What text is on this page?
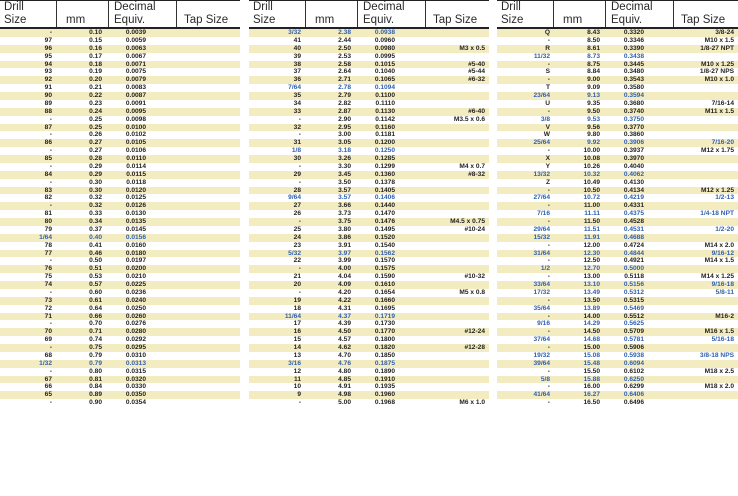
Drill
Size	mm
Decimal
Equiv.	Tap Size
-	0.10	0.0039
97	0.15	0.0059
96	0.16	0.0063
95	0.17	0.0067
94	0.18	0.0071
93	0.19	0.0075
92	0.20	0.0079
91	0.21	0.0083
90	0.22	0.0087
89	0.23	0.0091
88	0.24	0.0095
-	0.25	0.0098
87	0.25	0.0100
-	0.26	0.0102
86	0.27	0.0105
-	0.27	0.0106
85	0.28	0.0110
-	0.29	0.0114
84	0.29	0.0115
-	0.30	0.0118
83	0.30	0.0120
82	0.32	0.0125
-	0.32	0.0126
81	0.33	0.0130
80	0.34	0.0135
79	0.37	0.0145
1/64	0.40	0.0156
78	0.41	0.0160
77	0.46	0.0180
-	0.50	0.0197
76	0.51	0.0200
75	0.53	0.0210
74	0.57	0.0225
-	0.60	0.0236
73	0.61	0.0240
72	0.64	0.0250
71	0.66	0.0260
-	0.70	0.0276
70	0.71	0.0280
69	0.74	0.0292
-	0.75	0.0295
68	0.79	0.0310
1/32	0.79	0.0313
-	0.80	0.0315
67	0.81	0.0320
66	0.84	0.0330
65	0.89	0.0350
-	0.90	0.0354
Drill
Size	mm
Decimal
Equiv.	Tap Size
3/32	2.38	0.0938
41	2.44	0.0960
40	2.50	0.0980	M3 x 0.5
39	2.53	0.0995
38	2.58	0.1015	#5-40
37	2.64	0.1040	#5-44
36	2.71	0.1065	#6-32
7/64	2.78	0.1094
35	2.79	0.1100
34	2.82	0.1110
33	2.87	0.1130	#6-40
-	2.90	0.1142	M3.5 x 0.6
32	2.95	0.1160
-	3.00	0.1181
31	3.05	0.1200
1/8	3.18	0.1250
30	3.26	0.1285
-	3.30	0.1299	M4 x 0.7
29	3.45	0.1360	#8-32
-	3.50	0.1378
28	3.57	0.1405
9/64	3.57	0.1406
27	3.66	0.1440
26	3.73	0.1470
-	3.75	0.1476	M4.5 x 0.75
25	3.80	0.1495	#10-24
24	3.86	0.1520
23	3.91	0.1540
5/32	3.97	0.1562
22	3.99	0.1570
-	4.00	0.1575
21	4.04	0.1590	#10-32
20	4.09	0.1610
-	4.20	0.1654	M5 x 0.8
19	4.22	0.1660
18	4.31	0.1695
11/64	4.37	0.1719
17	4.39	0.1730
16	4.50	0.1770	#12-24
15	4.57	0.1800
14	4.62	0.1820	#12-28
13	4.70	0.1850
3/16	4.76	0.1875
12	4.80	0.1890
11	4.85	0.1910
10	4.91	0.1935
9	4.98	0.1960
-	5.00	0.1968	M6 x 1.0
Drill
Size	mm
Decimal
Equiv.	Tap Size
Q	8.43	0.3320	3/8-24
-	8.50	0.3346	M10 x 1.5
R	8.61	0.3390	1/8-27 NPT
11/32	8.73	0.3438
-	8.75	0.3445	M10 x 1.25
S	8.84	0.3480	1/8-27 NPS
-	9.00	0.3543	M10 x 1.0
T	9.09	0.3580
23/64	9.13	0.3594
U	9.35	0.3680	7/16-14
-	9.50	0.3740	M11 x 1.5
3/8	9.53	0.3750
V	9.56	0.3770
W	9.80	0.3860
25/64	9.92	0.3906	7/16-20
-	10.00	0.3937	M12 x 1.75
X	10.08	0.3970
Y	10.26	0.4040
13/32	10.32	0.4062
Z	10.49	0.4130
-	10.50	0.4134	M12 x 1.25
27/64	10.72	0.4219	1/2-13
-	11.00	0.4331
7/16	11.11	0.4375	1/4-18 NPT
-	11.50	0.4528
29/64	11.51	0.4531	1/2-20
15/32	11.91	0.4688
-	12.00	0.4724	M14 x 2.0
31/64	12.30	0.4844	9/16-12
-	12.50	0.4921	M14 x 1.5
1/2	12.70	0.5000
-	13.00	0.5118	M14 x 1.25
33/64	13.10	0.5156	9/16-18
17/32	13.49	0.5312	5/8-11
-	13.50	0.5315
35/64	13.89	0.5469
-	14.00	0.5512	M16-2
9/16	14.29	0.5625
-	14.50	0.5709	M16 x 1.5
37/64	14.68	0.5781	5/16-18
-	15.00	0.5906
19/32	15.08	0.5938	3/8-18 NPS
39/64	15.48	0.6094
-	15.50	0.6102	M18 x 2.5
5/8	15.88	0.6250
-	16.00	0.6299	M18 x 2.0
41/64	16.27	0.6406
-	16.50	0.6496
